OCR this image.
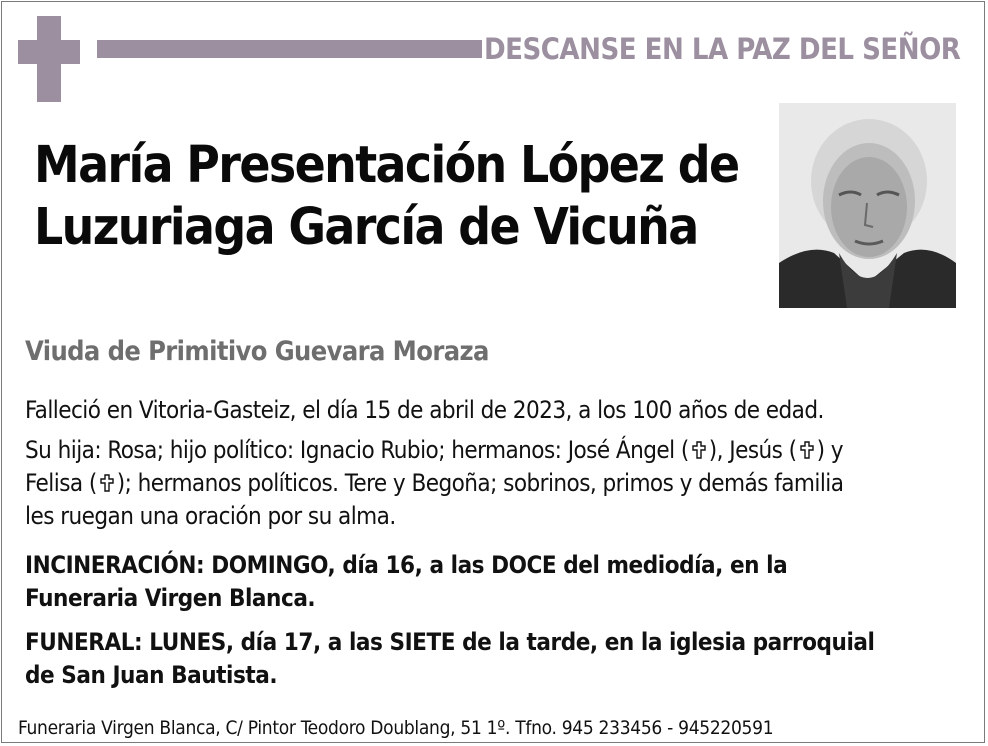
DESCANSE EN LA PAZ DEL SEÑOR
María Presentación López de
Luzuriaga García de Vicuña
Viuda de Primitivo Guevara Moraza
Falleció en Vitoria-Gasteiz, el día 15 de abril de 2023, a los 100 años de edad.
Su hija: Rosa; hijo político: Ignacio Rubio; hermanos: José Ángel ( ), Jesús ( ) y
Felisa ( ); hermanos políticos. Tere y Begoña; sobrinos, primos y demás familia
les ruegan una oración por su alma.
INCINERACIÓN: DOMINGO, día 16, a las DOCE del mediodía, en la
Funeraria Virgen Blanca.
FUNERAL: LUNES, día 17, a las SIETE de la tarde, en la iglesia parroquial
de San Juan Bautista.
Funeraria Virgen Blanca, C/ Pintor Teodoro Doublang, 51 1º. Tfno. 945 233456 - 945220591
